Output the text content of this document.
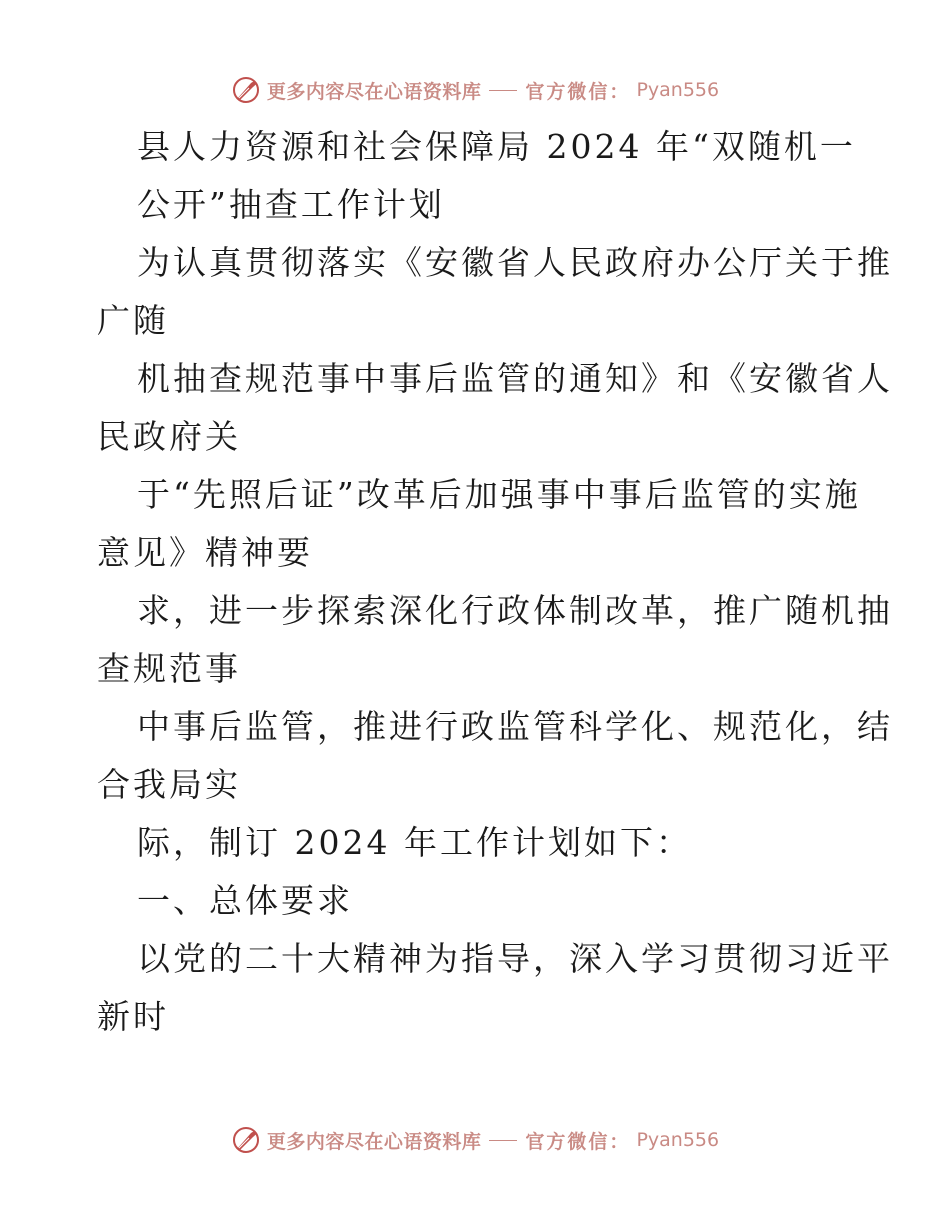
更多内容尽在心语资料库 官方微信： Pyan556
县人力资源和社会保障局 2024 年“双随机一
公开”抽查工作计划
为认真贯彻落实《安徽省人民政府办公厅关于推
广随
机抽查规范事中事后监管的通知》和《安徽省人
民政府关
于“先照后证”改革后加强事中事后监管的实施
意见》精神要
求，进一步探索深化行政体制改革，推广随机抽
查规范事
中事后监管，推进行政监管科学化、规范化，结
合我局实
际，制订 2024 年工作计划如下：
一、总体要求
以党的二十大精神为指导，深入学习贯彻习近平
新时
更多内容尽在心语资料库 官方微信： Pyan556
